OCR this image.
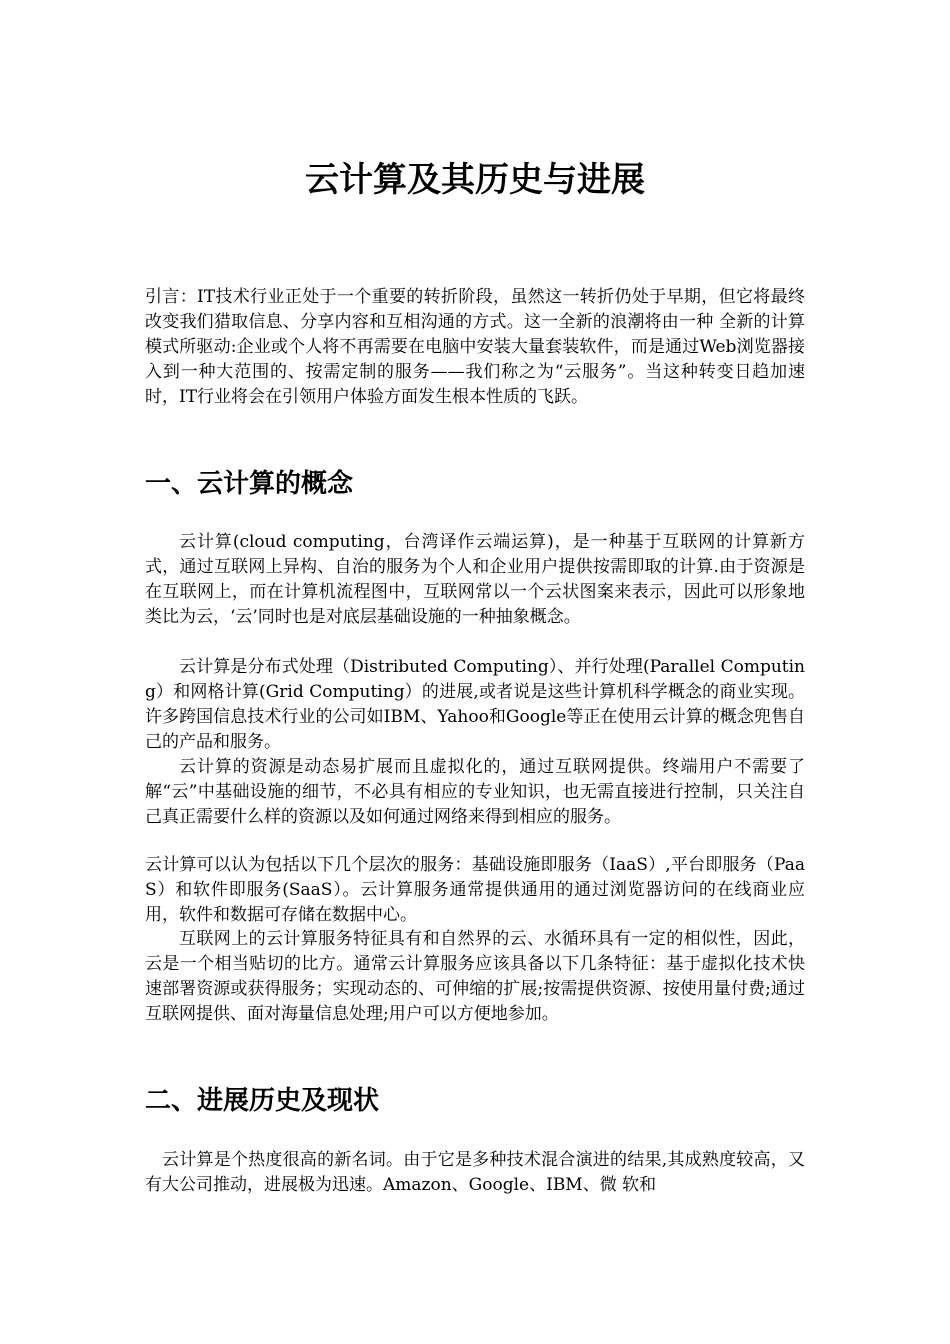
云计算及其历史与进展

引言：IT技术行业正处于一个重要的转折阶段，虽然这一转折仍处于早期，但它将最终改变我们猎取信息、分享内容和互相沟通的方式。这一全新的浪潮将由一种 全新的计算模式所驱动:企业或个人将不再需要在电脑中安装大量套装软件，而是通过Web浏览器接入到一种大范围的、按需定制的服务——我们称之为“云服务”。当这种转变日趋加速时，IT行业将会在引领用户体验方面发生根本性质的飞跃。

一、云计算的概念

云计算(cloud computing，台湾译作云端运算)，是一种基于互联网的计算新方式，通过互联网上异构、自治的服务为个人和企业用户提供按需即取的计算.由于资源是在互联网上，而在计算机流程图中，互联网常以一个云状图案来表示，因此可以形象地类比为云，‘云’同时也是对底层基础设施的一种抽象概念。

云计算是分布式处理（Distributed Computing）、并行处理(Parallel Computing）和网格计算(Grid Computing）的进展,或者说是这些计算机科学概念的商业实现。许多跨国信息技术行业的公司如IBM、Yahoo和Google等正在使用云计算的概念兜售自己的产品和服务。

云计算的资源是动态易扩展而且虚拟化的，通过互联网提供。终端用户不需要了解“云”中基础设施的细节，不必具有相应的专业知识，也无需直接进行控制，只关注自己真正需要什么样的资源以及如何通过网络来得到相应的服务。

云计算可以认为包括以下几个层次的服务：基础设施即服务（IaaS）,平台即服务（PaaS）和软件即服务(SaaS）。云计算服务通常提供通用的通过浏览器访问的在线商业应用，软件和数据可存储在数据中心。

互联网上的云计算服务特征具有和自然界的云、水循环具有一定的相似性，因此，云是一个相当贴切的比方。通常云计算服务应该具备以下几条特征：基于虚拟化技术快速部署资源或获得服务；实现动态的、可伸缩的扩展;按需提供资源、按使用量付费;通过互联网提供、面对海量信息处理;用户可以方便地参加。

二、进展历史及现状

云计算是个热度很高的新名词。由于它是多种技术混合演进的结果,其成熟度较高，又有大公司推动，进展极为迅速。Amazon、Google、IBM、微 软和
